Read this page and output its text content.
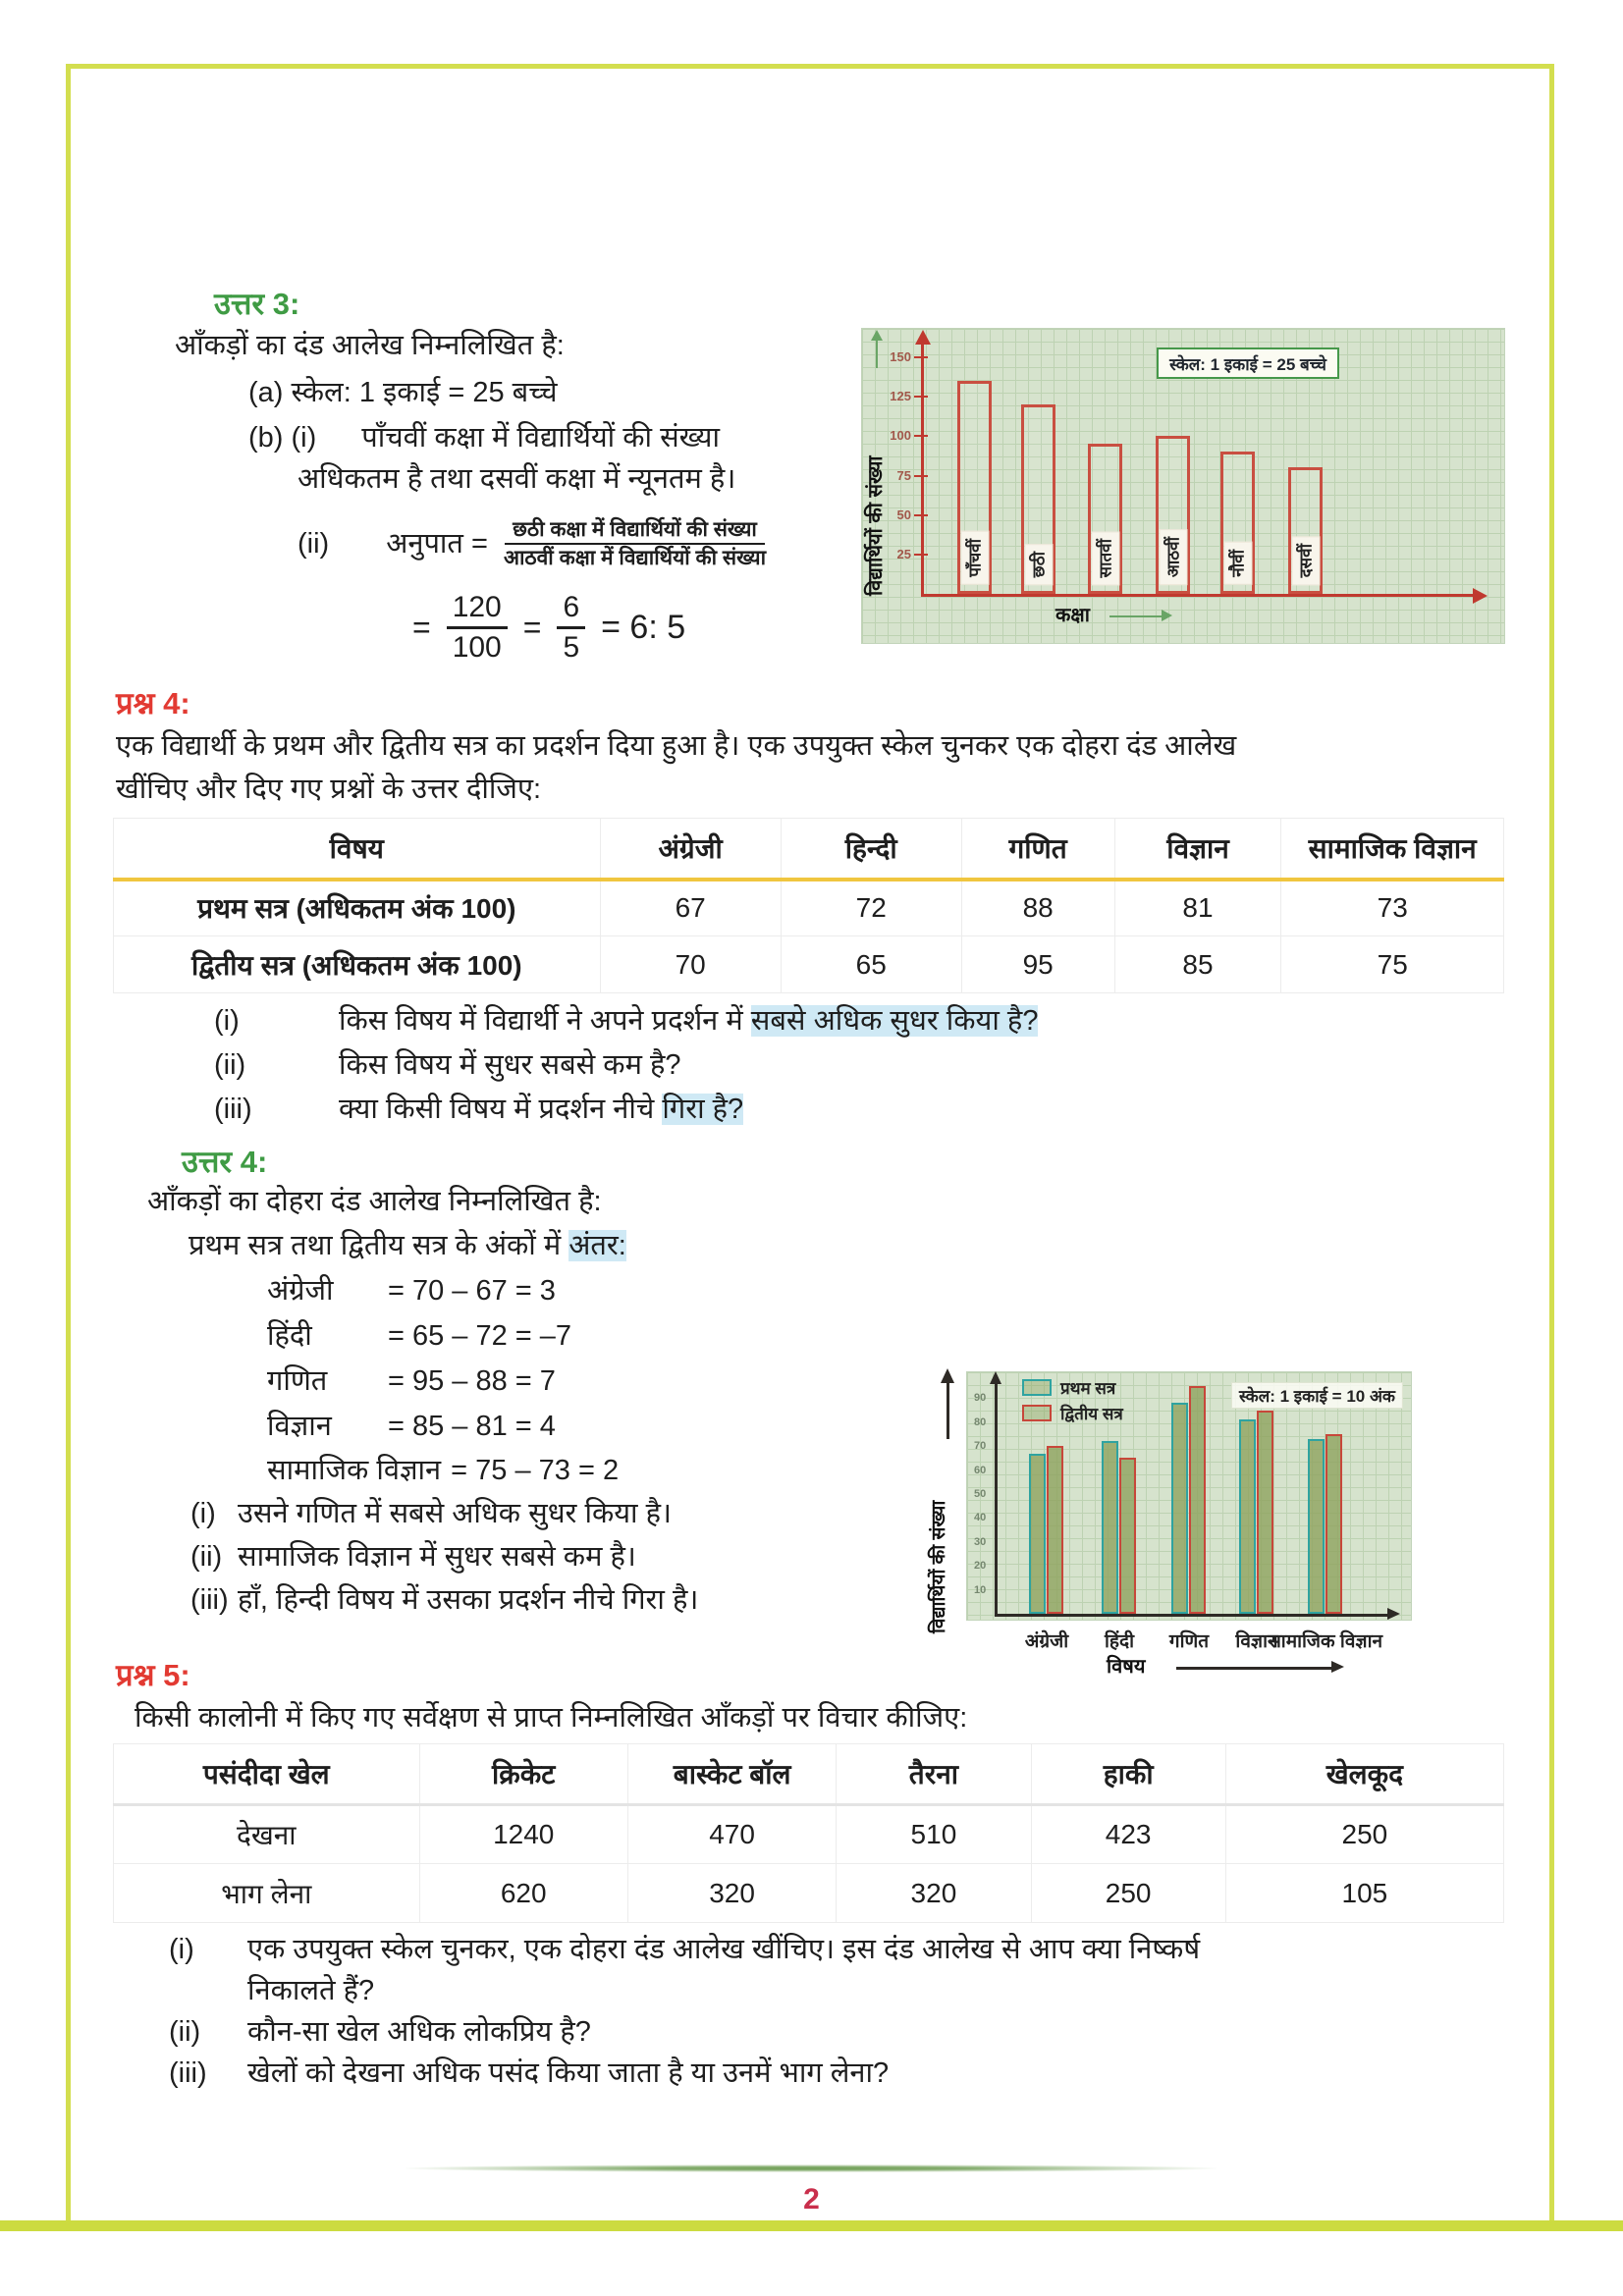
उत्तर 3:
आँकड़ों का दंड आलेख निम्नलिखित है:
(a) स्केल: 1 इकाई = 25 बच्चे
(b) (i) पाँचवीं कक्षा में विद्यार्थियों की संख्या
अधिकतम है तथा दसवीं कक्षा में न्यूनतम है।
(ii) अनुपात = $\frac{\text{छठी कक्षा में विद्यार्थियों की संख्या}}{\text{आठवीं कक्षा में विद्यार्थियों की संख्या}}$
= $\frac{120}{100} = \frac{6}{5} = 6$: 5
विद्यार्थियों की संख्या
स्केल: 1 इकाई = 25 बच्चे
कक्षा
पाँचवीं	छठी	सातवीं	आठवीं	नौवीं	दसवीं
150
125
100
75
50
25
प्रश्न 4:
एक विद्यार्थी के प्रथम और द्वितीय सत्र का प्रदर्शन दिया हुआ है। एक उपयुक्त स्केल चुनकर एक दोहरा दंड आलेख
खींचिए और दिए गए प्रश्नों के उत्तर दीजिए:
विषय	अंग्रेजी	हिन्दी	गणित	विज्ञान	सामाजिक विज्ञान
प्रथम सत्र (अधिकतम अंक 100)	67	72	88	81	73
द्वितीय सत्र (अधिकतम अंक 100)	70	65	95	85	75
(i)	किस विषय में विद्यार्थी ने अपने प्रदर्शन में सबसे अधिक सुधर किया है?
(ii)	किस विषय में सुधर सबसे कम है?
(iii)	क्या किसी विषय में प्रदर्शन नीचे गिरा है?
उत्तर 4:
आँकड़ों का दोहरा दंड आलेख निम्नलिखित है:
प्रथम सत्र तथा द्वितीय सत्र के अंकों में अंतर:
अंग्रेजी	= 70 – 67 = 3
हिंदी	= 65 – 72 = –7
गणित	= 95 – 88 = 7
विज्ञान	= 85 – 81 = 4
सामाजिक विज्ञान = 75 – 73 = 2
(i) उसने गणित में सबसे अधिक सुधर किया है।
(ii) सामाजिक विज्ञान में सुधर सबसे कम है।
(iii) हाँ, हिन्दी विषय में उसका प्रदर्शन नीचे गिरा है।	विद्यार्थियों की संख्या
प्रथम सत्र
द्वितीय सत्र
स्केल: 1 इकाई = 10 अंक
90
80
70
60
50
40
30
20
10
अंग्रेजी हिंदी गणित विज्ञान
सामाजिक विज्ञान
विषय
प्रश्न 5:
किसी कालोनी में किए गए सर्वेक्षण से प्राप्त निम्नलिखित आँकड़ों पर विचार कीजिए:
पसंदीदा खेल	क्रिकेट	बास्केट बॉल	तैरना	हाकी	खेलकूद
देखना	1240	470	510	423	250
भाग लेना	620	320	320	250	105
(i)	एक उपयुक्त स्केल चुनकर, एक दोहरा दंड आलेख खींचिए। इस दंड आलेख से आप क्या निष्कर्ष
निकालते हैं?
(ii)	कौन-सा खेल अधिक लोकप्रिय है?
(iii)	खेलों को देखना अधिक पसंद किया जाता है या उनमें भाग लेना?
2
